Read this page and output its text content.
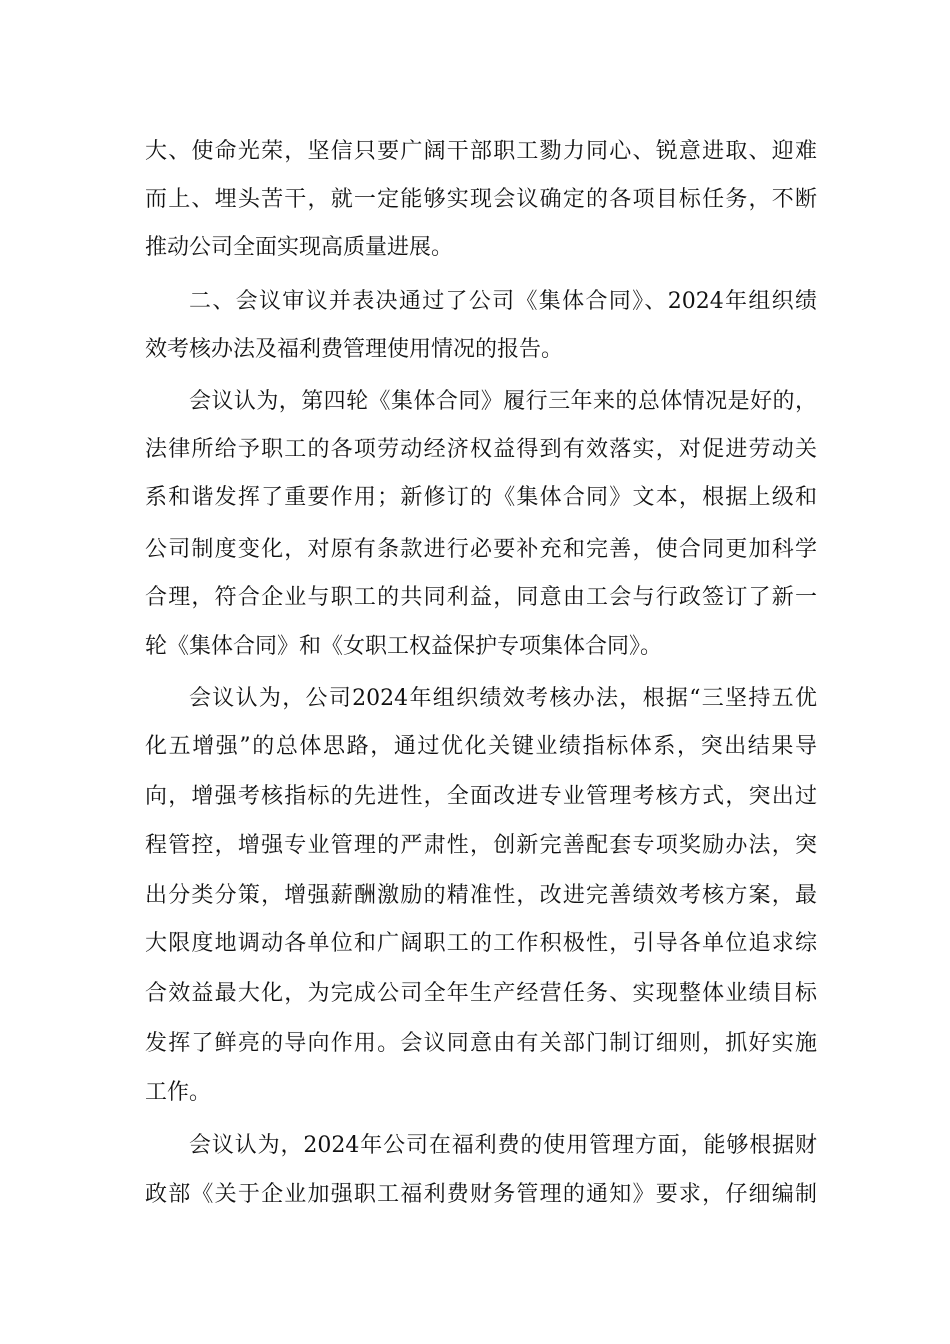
大、使命光荣，坚信只要广阔干部职工勠力同心、锐意进取、迎难
而上、埋头苦干，就一定能够实现会议确定的各项目标任务，不断
推动公司全面实现高质量进展。
二、会议审议并表决通过了公司《集体合同》、2024年组织绩
效考核办法及福利费管理使用情况的报告。
会议认为，第四轮《集体合同》履行三年来的总体情况是好的，
法律所给予职工的各项劳动经济权益得到有效落实，对促进劳动关
系和谐发挥了重要作用；新修订的《集体合同》文本，根据上级和
公司制度变化，对原有条款进行必要补充和完善，使合同更加科学
合理，符合企业与职工的共同利益，同意由工会与行政签订了新一
轮《集体合同》和《女职工权益保护专项集体合同》。
会议认为，公司2024年组织绩效考核办法，根据“三坚持五优
化五增强”的总体思路，通过优化关键业绩指标体系，突出结果导
向，增强考核指标的先进性，全面改进专业管理考核方式，突出过
程管控，增强专业管理的严肃性，创新完善配套专项奖励办法，突
出分类分策，增强薪酬激励的精准性，改进完善绩效考核方案，最
大限度地调动各单位和广阔职工的工作积极性，引导各单位追求综
合效益最大化，为完成公司全年生产经营任务、实现整体业绩目标
发挥了鲜亮的导向作用。会议同意由有关部门制订细则，抓好实施
工作。
会议认为，2024年公司在福利费的使用管理方面，能够根据财
政部《关于企业加强职工福利费财务管理的通知》要求，仔细编制
